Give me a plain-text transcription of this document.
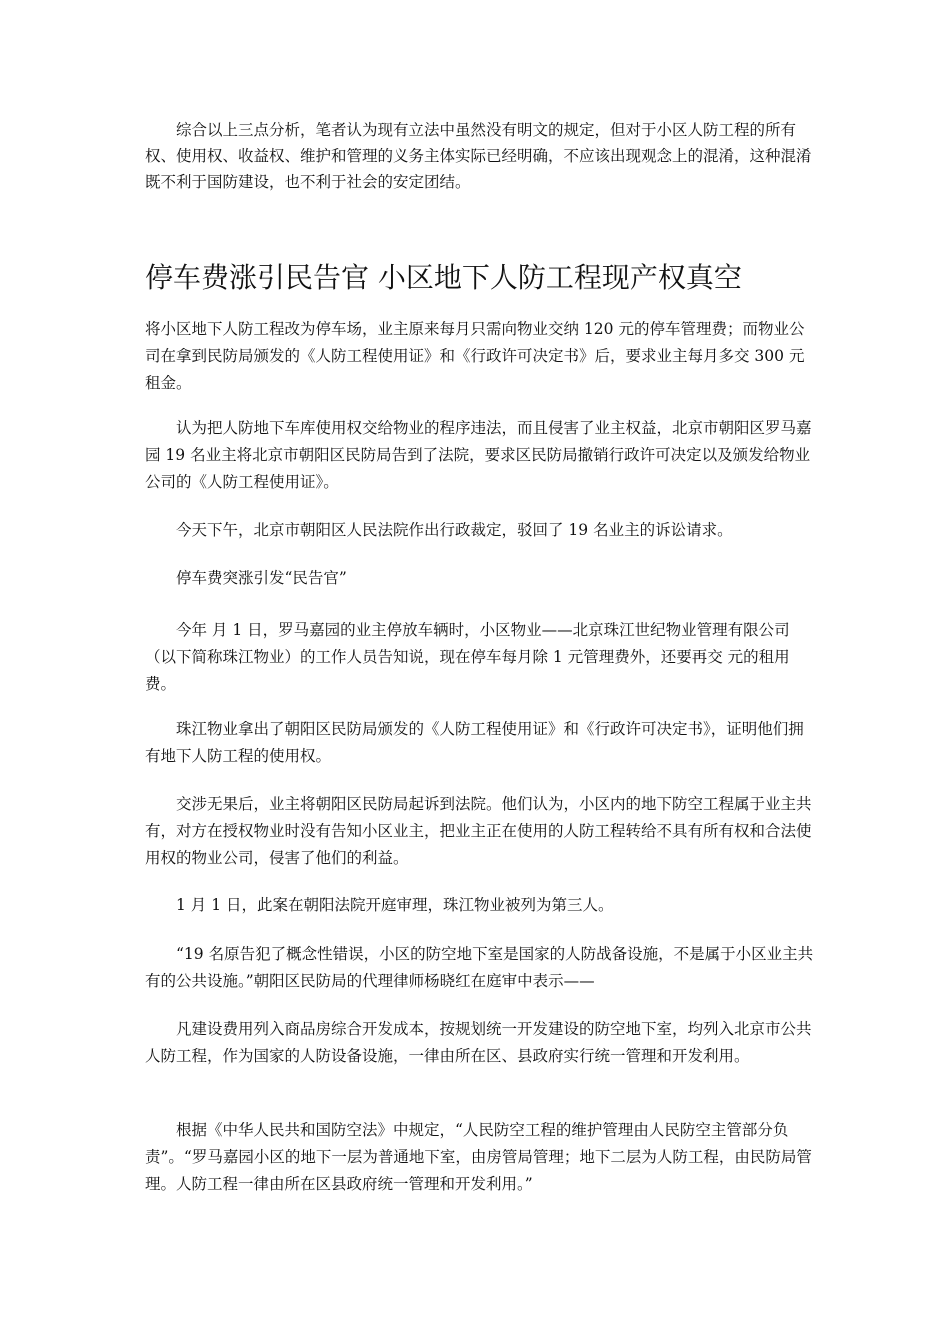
综合以上三点分析，笔者认为现有立法中虽然没有明文的规定，但对于小区人防工程的所有权、使用权、收益权、维护和管理的义务主体实际已经明确，不应该出现观念上的混淆，这种混淆既不利于国防建设，也不利于社会的安定团结。

停车费涨引民告官 小区地下人防工程现产权真空

将小区地下人防工程改为停车场，业主原来每月只需向物业交纳 120 元的停车管理费；而物业公司在拿到民防局颁发的《人防工程使用证》和《行政许可决定书》后，要求业主每月多交 300 元租金。

认为把人防地下车库使用权交给物业的程序违法，而且侵害了业主权益，北京市朝阳区罗马嘉园 19 名业主将北京市朝阳区民防局告到了法院，要求区民防局撤销行政许可决定以及颁发给物业公司的《人防工程使用证》。

今天下午，北京市朝阳区人民法院作出行政裁定，驳回了 19 名业主的诉讼请求。

停车费突涨引发“民告官”

今年 月 1 日，罗马嘉园的业主停放车辆时，小区物业——北京珠江世纪物业管理有限公司（以下简称珠江物业）的工作人员告知说，现在停车每月除 1 元管理费外，还要再交 元的租用费。

珠江物业拿出了朝阳区民防局颁发的《人防工程使用证》和《行政许可决定书》，证明他们拥有地下人防工程的使用权。

交涉无果后，业主将朝阳区民防局起诉到法院。他们认为，小区内的地下防空工程属于业主共有，对方在授权物业时没有告知小区业主，把业主正在使用的人防工程转给不具有所有权和合法使用权的物业公司，侵害了他们的利益。

1 月 1 日，此案在朝阳法院开庭审理，珠江物业被列为第三人。

“19 名原告犯了概念性错误，小区的防空地下室是国家的人防战备设施，不是属于小区业主共有的公共设施。”朝阳区民防局的代理律师杨晓红在庭审中表示——

凡建设费用列入商品房综合开发成本，按规划统一开发建设的防空地下室，均列入北京市公共人防工程，作为国家的人防设备设施，一律由所在区、县政府实行统一管理和开发利用。

根据《中华人民共和国防空法》中规定，“人民防空工程的维护管理由人民防空主管部分负责”。“罗马嘉园小区的地下一层为普通地下室，由房管局管理；地下二层为人防工程，由民防局管理。人防工程一律由所在区县政府统一管理和开发利用。”
